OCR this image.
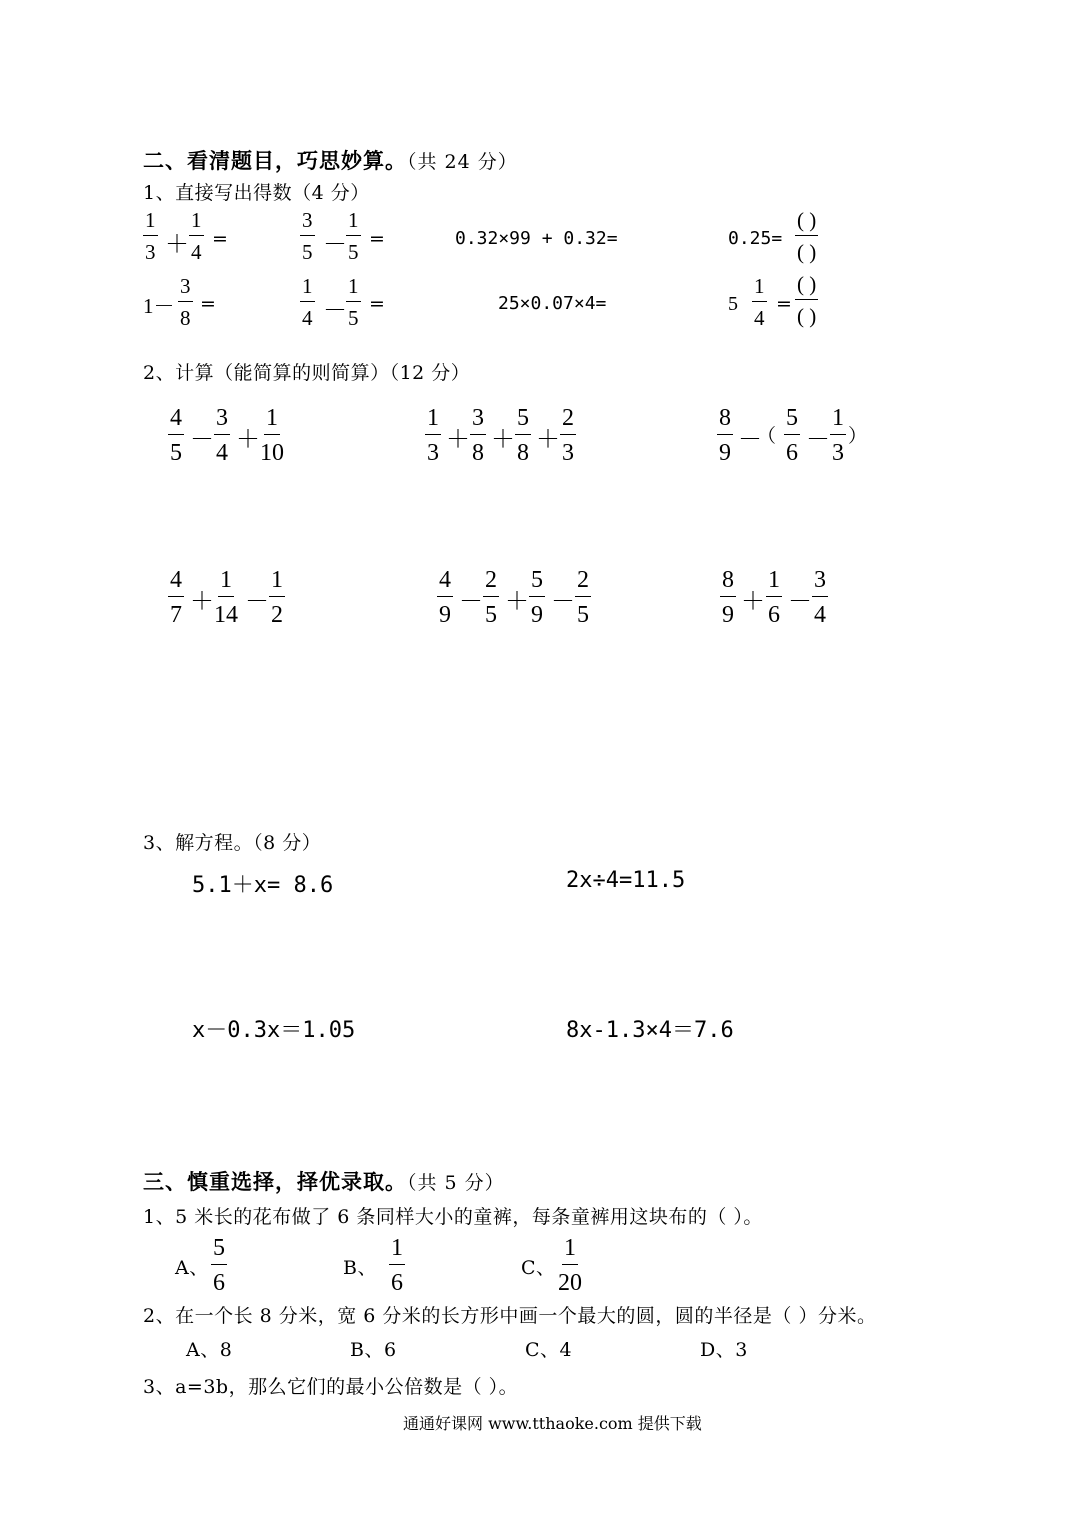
二、看清题目，巧思妙算。（共 24 分）
1、直接写出得数（4 分）
$\frac{1}{3} + \frac{1}{4}$ =	$\frac{3}{5} - \frac{1}{5}$ =	0.32×99 + 0.32=	0.25=
( )
( )
$1- \frac{3}{8}$ =	$\frac{1}{4} - \frac{1}{5}$ =	25×0.07×4=	$5 \frac{1}{4}$ =
( )
( )
2、计算（能简算的则简算）（12 分）
$\frac{4}{5} - \frac{3}{4} + \frac{1}{10}$	$\frac{1}{3} + \frac{3}{8} + \frac{5}{8} + \frac{2}{3}$	$\frac{8}{9}$ －
（ $\frac{5}{6} - \frac{1}{3}$ ）
$\frac{4}{7} + \frac{1}{14} - \frac{1}{2}$	$\frac{4}{9} - \frac{2}{5} + \frac{5}{9} - \frac{2}{5}$	$\frac{8}{9} + \frac{1}{6} - \frac{3}{4}$
3、解方程。（8 分）
5.1＋x= 8.6	2x÷4=11.5
x－0.3x＝1.05	8x-1.3×4＝7.6
三、慎重选择，择优录取。（共 5 分）
1、5 米长的花布做了 6 条同样大小的童裤，每条童裤用这块布的（ ）。
A、 $\frac{5}{6}$	B、 $\frac{1}{6}$	C、 $\frac{1}{20}$
2、在一个长 8 分米，宽 6 分米的长方形中画一个最大的圆，圆的半径是（ ）分米。
A、8	B、6	C、4	D、3
3、a=3b，那么它们的最小公倍数是（ ）。
通通好课网 www.tthaoke.com 提供下载
